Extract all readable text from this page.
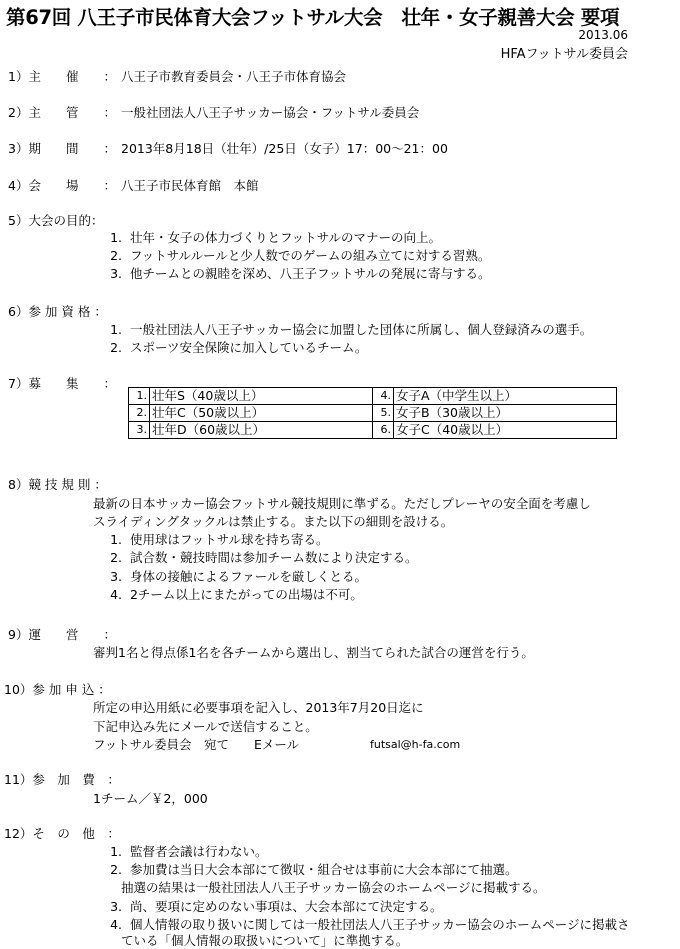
第67回 八王子市民体育大会フットサル大会　壮年・女子親善大会 要項
2013.06
HFAフットサル委員会
1）主　　催　　： 八王子市教育委員会・八王子市体育協会
2）主　　管　　： 一般社団法人八王子サッカー協会・フットサル委員会
3）期　　間　　： 2013年8月18日（壮年）/25日（女子）17：00〜21：00
4）会　　場　　： 八王子市民体育館　本館
5）大会の目的：
1. 壮年・女子の体力づくりとフットサルのマナーの向上。
2. フットサルルールと少人数でのゲームの組み立てに対する習熟。
3. 他チームとの親睦を深め、八王子フットサルの発展に寄与する。
6）参 加 資 格 ：
1. 一般社団法人八王子サッカー協会に加盟した団体に所属し、個人登録済みの選手。
2. スポーツ安全保険に加入しているチーム。
7）募　　集　　：
1.	壮年S（40歳以上）	4.	女子A（中学生以上）
2.	壮年C（50歳以上）	5.	女子B（30歳以上）
3.	壮年D（60歳以上）	6.	女子C（40歳以上）
8）競 技 規 則 ：
最新の日本サッカー協会フットサル競技規則に準ずる。ただしプレーヤの安全面を考慮し
スライディングタックルは禁止する。また以下の細則を設ける。
1. 使用球はフットサル球を持ち寄る。
2. 試合数・競技時間は参加チーム数により決定する。
3. 身体の接触によるファールを厳しくとる。
4. 2チーム以上にまたがっての出場は不可。
9）運　　営　　：
審判1名と得点係1名を各チームから選出し、割当てられた試合の運営を行う。
10）参 加 申 込 ：
所定の申込用紙に必要事項を記入し、2013年7月20日迄に
下記申込み先にメールで送信すること。
フットサル委員会　宛て　　Eメール	futsal@h-fa.com
11）参　加　費　：
1チーム／￥2，000
12）そ　の　他　：
1. 監督者会議は行わない。
2. 参加費は当日大会本部にて徴収・組合せは事前に大会本部にて抽選。
抽選の結果は一般社団法人八王子サッカー協会のホームページに掲載する。
3. 尚、要項に定めのない事項は、大会本部にて決定する。
4. 個人情報の取り扱いに関しては一般社団法人八王子サッカー協会のホームページに掲載さ
ている「個人情報の取扱いについて」に準拠する。
